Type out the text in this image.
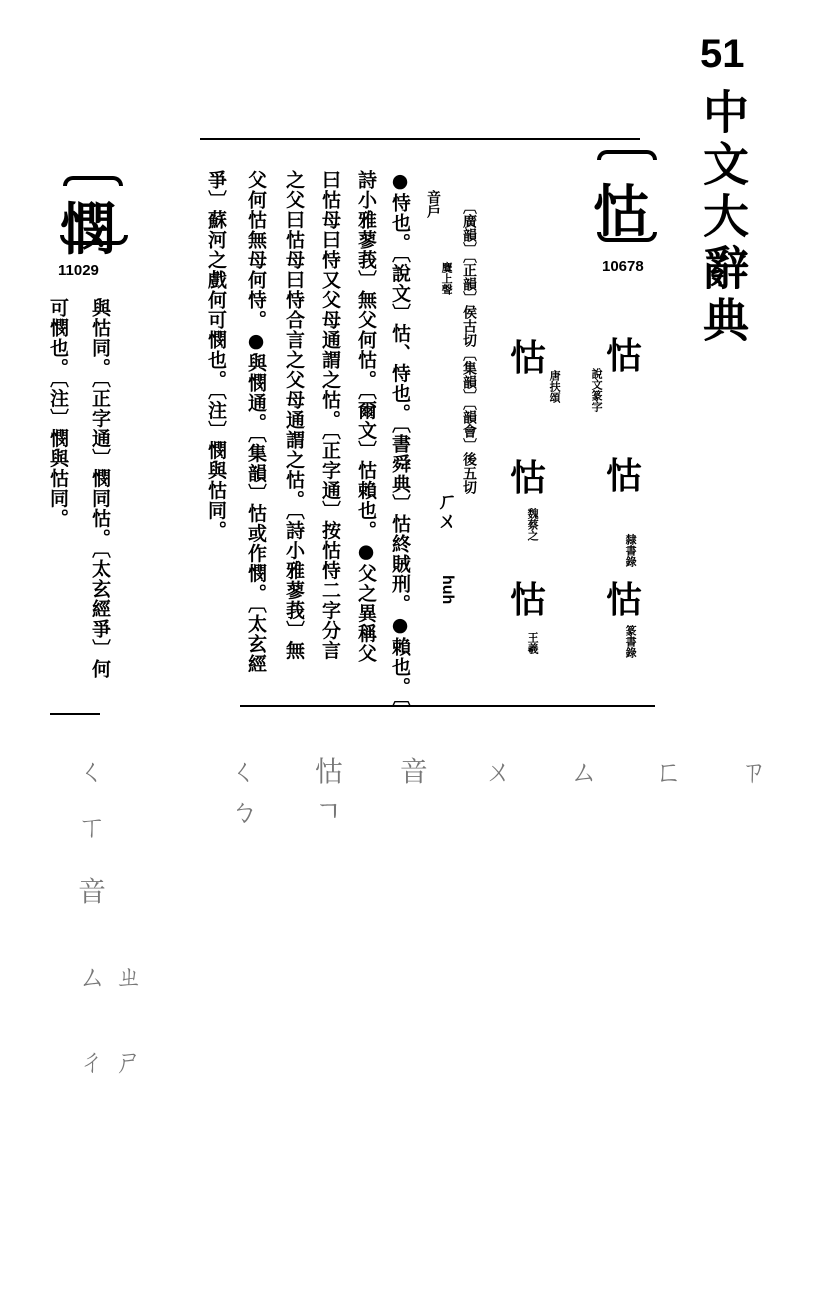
51
中文大辭典
怙
10678
怙
說文篆字
怙
隸書錄
怙
篆書錄
怙
唐扶頌
怙
魏蔡之
怙
王羲
〔廣韻〕〔正韻〕侯古切〔集韻〕〔韻會〕後五切
音戶
麌上聲
ㄏㄨ
huh
●恃也。〔說文〕怙、恃也。〔書舜典〕怙終賊刑。●賴也。〔
詩小雅蓼莪〕無父何怙。〔爾文〕怙賴也。●父之異稱父
曰怙母曰恃又父母通謂之怙。〔正字通〕按怙恃二字分言
之父曰怙母曰恃合言之父母通謂之怙。〔詩小雅蓼莪〕無
父何怙無母何恃。●與憫通。〔集韻〕怙或作憫。〔太玄經
爭〕蘇河之戲何可憫也。〔注〕憫與怙同。
憫
11029
與怙同。〔正字通〕憫同怙。〔太玄經爭〕何
可憫也。〔注〕憫與怙同。
ㄑ 怙 音 ㄨ ㄙ ㄈ ㄗ ㄅ ㄱ
ㄑ
ㄒ
音
ㄙ ㄓ
ㄔ ㄕ
